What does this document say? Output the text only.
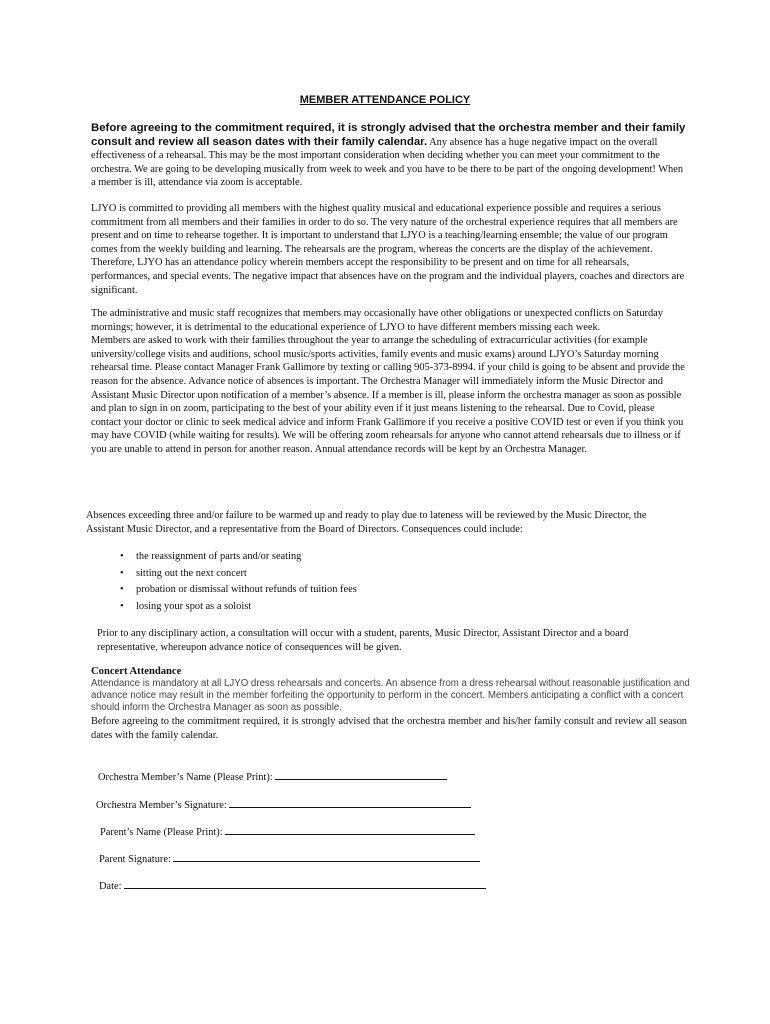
MEMBER ATTENDANCE POLICY

Before agreeing to the commitment required, it is strongly advised that the orchestra member and their family consult and review all season dates with their family calendar. Any absence has a huge negative impact on the overall effectiveness of a rehearsal. This may be the most important consideration when deciding whether you can meet your commitment to the orchestra. We are going to be developing musically from week to week and you have to be there to be part of the ongoing development! When a member is ill, attendance via zoom is acceptable.

LJYO is committed to providing all members with the highest quality musical and educational experience possible and requires a serious commitment from all members and their families in order to do so. The very nature of the orchestral experience requires that all members are present and on time to rehearse together. It is important to understand that LJYO is a teaching/learning ensemble; the value of our program comes from the weekly building and learning. The rehearsals are the program, whereas the concerts are the display of the achievement. Therefore, LJYO has an attendance policy wherein members accept the responsibility to be present and on time for all rehearsals, performances, and special events. The negative impact that absences have on the program and the individual players, coaches and directors are significant.

The administrative and music staff recognizes that members may occasionally have other obligations or unexpected conflicts on Saturday mornings; however, it is detrimental to the educational experience of LJYO to have different members missing each week.
Members are asked to work with their families throughout the year to arrange the scheduling of extracurricular activities (for example university/college visits and auditions, school music/sports activities, family events and music exams) around LJYO’s Saturday morning rehearsal time. Please contact Manager Frank Gallimore by texting or calling 905-373-8994. if your child is going to be absent and provide the reason for the absence. Advance notice of absences is important. The Orchestra Manager will immediately inform the Music Director and Assistant Music Director upon notification of a member’s absence. If a member is ill, please inform the orchestra manager as soon as possible and plan to sign in on zoom, participating to the best of your ability even if it just means listening to the rehearsal. Due to Covid, please contact your doctor or clinic to seek medical advice and inform Frank Gallimore if you receive a positive COVID test or even if you think you may have COVID (while waiting for results). We will be offering zoom rehearsals for anyone who cannot attend rehearsals due to illness or if you are unable to attend in person for another reason. Annual attendance records will be kept by an Orchestra Manager.

Absences exceeding three and/or failure to be warmed up and ready to play due to lateness will be reviewed by the Music Director, the Assistant Music Director, and a representative from the Board of Directors. Consequences could include:

• the reassignment of parts and/or seating
• sitting out the next concert
• probation or dismissal without refunds of tuition fees
• losing your spot as a soloist

Prior to any disciplinary action, a consultation will occur with a student, parents, Music Director, Assistant Director and a board representative, whereupon advance notice of consequences will be given.

Concert Attendance

Attendance is mandatory at all LJYO dress rehearsals and concerts. An absence from a dress rehearsal without reasonable justification and advance notice may result in the member forfeiting the opportunity to perform in the concert. Members anticipating a conflict with a concert should inform the Orchestra Manager as soon as possible.

Before agreeing to the commitment required, it is strongly advised that the orchestra member and his/her family consult and review all season dates with the family calendar.

Orchestra Member’s Name (Please Print):
Orchestra Member’s Signature:
Parent’s Name (Please Print):
Parent Signature:
Date:
